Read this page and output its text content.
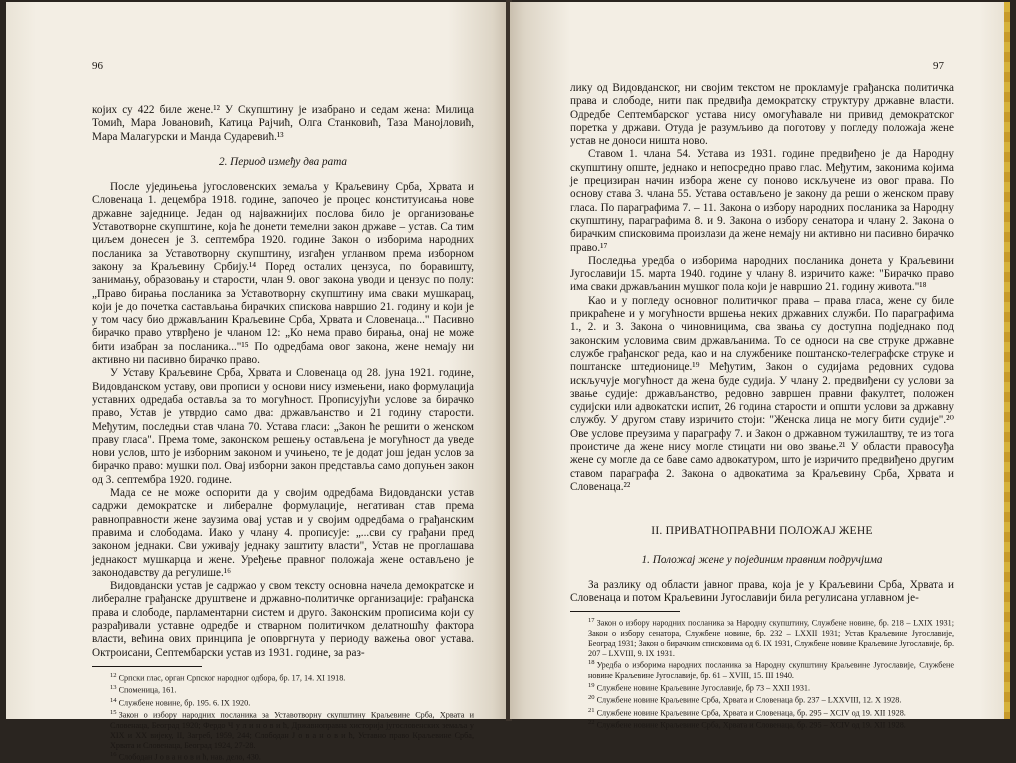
96

којих су 422 биле жене.¹² У Скупштину је изабрано и седам жена: Милица Томић, Мара Јовановић, Катица Рајчић, Олга Станковић, Таза Манојловић, Мара Малагурски и Манда Сударевић.¹³

2. Период између два рата

После уједињења југословенских земаља у Краљевину Срба, Хрвата и Словенаца 1. децембра 1918. године, започео је процес конституисања нове државне заједнице. Један од најважнијих послова било је организовање Уставотворне скупштине, која ће донети темелни закон државе – устав. Са тим циљем донесен је 3. септембра 1920. године Закон о изборима народних посланика за Уставотворну скупштину, изгађен угланвом према изборном закону за Краљевину Србију.¹⁴ Поред осталих цензуса, по боравишту, занимању, образовању и старости, члан 9. овог закона уводи и цензус по полу: „Право бирања посланика за Уставотворну скупштину има сваки мушкарац, који је до почетка састављања бирачких спискова навршио 21. годину и који је у том часу био држављанин Краљевине Срба, Хрвата и Словенаца..." Пасивно бирачко право утврђено је чланом 12: „Ко нема право бирања, онај не може бити изабран за посланика..."¹⁵ По одредбама овог закона, жене немају ни активно ни пасивно бирачко право.

У Уставу Краљевине Срба, Хрвата и Словенаца од 28. јуна 1921. године, Видовданском уставу, ови прописи у основи нису измењени, иако формулација уставних одредаба оставља за то могућност. Прописујући услове за бирачко право, Устав је утврдио само два: држављанство и 21 годину старости. Међутим, последњи став члана 70. Устава гласи: „Закон ће решити о женском праву гласа". Према томе, законском решењу остављена је могућност да уведе нови услов, што је изборним законом и учињено, те је додат још један услов за бирачко право: мушки пол. Овај изборни закон представља само допуњен закон од 3. септембра 1920. године.

Мада се не може оспорити да у својим одредбама Видовдански устав садржи демократске и либералне формулације, негативан став према равноправности жене заузима овај устав и у својим одредбама о грађанским правима и слободама. Иако у члану 4. прописује: „...сви су грађани пред законом једнаки. Сви уживају једнаку заштиту власти", Устав не проглашава једнакост мушкарца и жене. Уређење правног положаја жене остављено је законодавству да регулише.¹⁶

Видовдански устав је садржао у свом тексту основна начела демократске и либералне грађанске друштвене и државно-политичке организације: грађанска права и слободе, парламентарни систем и друго. Законским прописима који су разрађивали уставне одредбе и стварном политичком делатношћу фактора власти, већина ових принципа је оповргнута у периоду важења овог устава. Октроисани, Септембарски устав из 1931. године, за раз-

$^{12}$ Српски глас, орган Српског народног одбора, бр. 17, 14. XI 1918.
$^{13}$ Споменица, 161.
$^{14}$ Службене новине, бр. 195. 6. IX 1920.
$^{15}$ Закон о избору народних посланика за Уставотворну скупштину Краљевине Срба, Хрвата и Словенаца, Београд 1920; Фердо Ч у л и н о в и ћ, Државноправна хисторија југословенских земаља у XIX и XX вијеку, II, Загреб, 1959, 244; Слободан Ј о в а н о в и ћ, Уставно право Краљевине Срба, Хрвата и Словенаца, Београд 1924, 27-28.
$^{16}$ Слободан Ј о в а н о в и ћ, нав. дело, 430.
97

лику од Видовданског, ни својим текстом не прокламује грађанска политичка права и слободе, нити пак предвиђа демократску структуру државне власти. Одредбе Септембарског устава нису омогућавале ни привид демократског поретка у држави. Отуда је разумљиво да поготову у погледу положаја жене устав не доноси ништа ново.

Ставом 1. члана 54. Устава из 1931. године предвиђено је да Народну скупштину опште, једнако и непосредно право глас. Међутим, законима којима је прецизиран начин избора жене су поново искључене из овог права. По основу става 3. члана 55. Устава остављено је закону да реши о женском праву гласа. По параграфима 7. – 11. Закона о избору народних посланика за Народну скупштину, параграфима 8. и 9. Закона о избору сенатора и члану 2. Закона о бирачким списковима произлази да жене немају ни активно ни пасивно бирачко право.¹⁷

Последња уредба о изборима народних посланика донета у Краљевини Југославији 15. марта 1940. године у члану 8. изричито каже: "Бирачко право има сваки држављанин мушког пола који је навршио 21. годину живота."¹⁸

Као и у погледу основног политичког права – права гласа, жене су биле прикраћене и у могућности вршења неких државних служби. По параграфима 1., 2. и 3. Закона о чиновницима, сва звања су доступна подједнако под законским условима свим држављанима. То се односи на све струке државне службе грађанског реда, као и на службенике поштанско-телеграфске струке и поштанске штедионице.¹⁹ Међутим, Закон о судијама редовних судова искључује могућност да жена буде судија. У члану 2. предвиђени су услови за звање судије: држављанство, редовно завршен правни факултет, положен судијски или адвокатски испит, 26 година старости и општи услови за државну службу. У другом ставу изричито стоји: "Женска лица не могу бити судије".²⁰ Ове услове преузима у параграфу 7. и Закон о државном тужилаштву, те из тога проистиче да жене нису могле стицати ни ово звање.²¹ У области правосуђа жене су могле да се баве само адвокатуром, што је изричито предвиђено другим ставом параграфа 2. Закона о адвокатима за Краљевину Срба, Хрвата и Словенаца.²²

II. ПРИВАТНОПРАВНИ ПОЛОЖАЈ ЖЕНЕ
1. Положај жене у појединим правним подручјима

За разлику од области јавног права, која је у Краљевини Срба, Хрвата и Словенаца и потом Краљевини Југославији била регулисана углавном је-

$^{17}$ Закон о избору народних посланика за Народну скупштину, Службене новине, бр. 218 – LXIX 1931; Закон о избору сенатора, Службене новине, бр. 232 – LXXII 1931; Устав Краљевине Југославије, Београд 1931; Закон о бирачким списковима од 6. IX 1931, Службене новине Краљевине Југославије, бр. 207 – LXVIII, 9. IX 1931.
$^{18}$ Уредба о изборима народних посланика за Народну скупштину Краљевине Југославије, Службене новине Краљевине Југославије, бр. 61 – XVIII, 15. III 1940.
$^{19}$ Службене новине Краљевине Југославије, бр 73 – XXII 1931.
$^{20}$ Службене новине Краљевине Срба, Хрвата и Словенаца бр. 237 – LXXVIII, 12. X 1928.
$^{21}$ Службене новине Краљевине Срба, Хрвата и Словенаца, бр. 295 – XCIV од 19. XII 1928.
$^{22}$ Службене новине Краљевине Срба, Хрвата и Словенаца, бр. 295 – XCIV од 19. XII 1928.
